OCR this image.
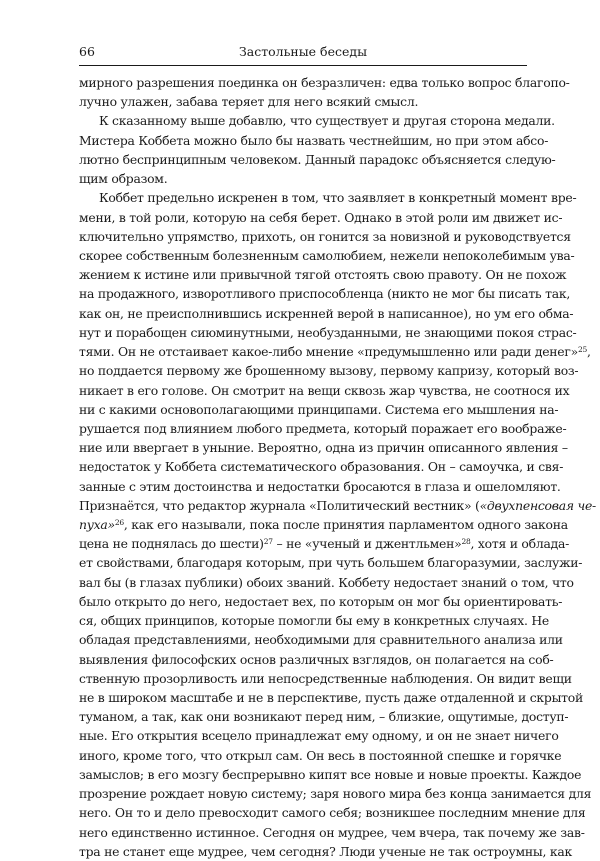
66	Застольные беседы
мирного разрешения поединка он безразличен: едва только вопрос благопо-
лучно улажен, забава теряет для него всякий смысл.
К сказанному выше добавлю, что существует и другая сторона медали.
Мистера Коббета можно было бы назвать честнейшим, но при этом абсо-
лютно беспринципным человеком. Данный парадокс объясняется следую-
щим образом.
Коббет предельно искренен в том, что заявляет в конкретный момент вре-
мени, в той роли, которую на себя берет. Однако в этой роли им движет ис-
ключительно упрямство, прихоть, он гонится за новизной и руководствуется
скорее собственным болезненным самолюбием, нежели непоколебимым ува-
жением к истине или привычной тягой отстоять свою правоту. Он не похож
на продажного, изворотливого приспособленца (никто не мог бы писать так,
как он, не преисполнившись искренней верой в написанное), но ум его обма-
нут и порабощен сиюминутными, необузданными, не знающими покоя страс-
тями. Он не отстаивает какое-либо мнение «предумышленно или ради денег»$^{25}$,
но поддается первому же брошенному вызову, первому капризу, который воз-
никает в его голове. Он смотрит на вещи сквозь жар чувства, не соотнося их
ни с какими основополагающими принципами. Система его мышления на-
рушается под влиянием любого предмета, который поражает его воображе-
ние или ввергает в уныние. Вероятно, одна из причин описанного явления –
недостаток у Коббета систематического образования. Он – самоучка, и свя-
занные с этим достоинства и недостатки бросаются в глаза и ошеломляют.
Признаётся, что редактор журнала «Политический вестник» («двухпенсовая че-
пуха»$^{26}$, как его называли, пока после принятия парламентом одного закона
цена не поднялась до шести)$^{27}$ – не «ученый и джентльмен»$^{28}$, хотя и облада-
ет свойствами, благодаря которым, при чуть большем благоразумии, заслужи-
вал бы (в глазах публики) обоих званий. Коббету недостает знаний о том, что
было открыто до него, недостает вех, по которым он мог бы ориентировать-
ся, общих принципов, которые помогли бы ему в конкретных случаях. Не
обладая представлениями, необходимыми для сравнительного анализа или
выявления философских основ различных взглядов, он полагается на соб-
ственную прозорливость или непосредственные наблюдения. Он видит вещи
не в широком масштабе и не в перспективе, пусть даже отдаленной и скрытой
туманом, а так, как они возникают перед ним, – близкие, ощутимые, доступ-
ные. Его открытия всецело принадлежат ему одному, и он не знает ничего
иного, кроме того, что открыл сам. Он весь в постоянной спешке и горячке
замыслов; в его мозгу беспрерывно кипят все новые и новые проекты. Каждое
прозрение рождает новую систему; заря нового мира без конца занимается для
него. Он то и дело превосходит самого себя; возникшее последним мнение для
него единственно истинное. Сегодня он мудрее, чем вчера, так почему же зав-
тра не станет еще мудрее, чем сегодня? Люди ученые не так остроумны, как
